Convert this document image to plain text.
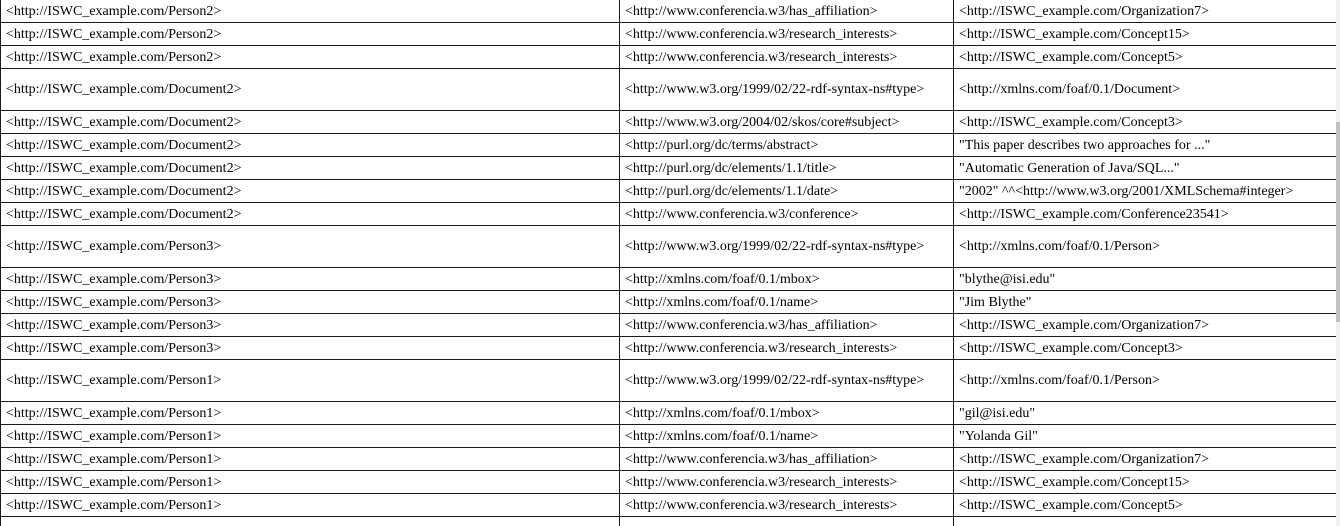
<http://ISWC_example.com/Person2>	<http://www.conferencia.w3/has_affiliation>	<http://ISWC_example.com/Organization7>
<http://ISWC_example.com/Person2>	<http://www.conferencia.w3/research_interests>	<http://ISWC_example.com/Concept15>
<http://ISWC_example.com/Person2>	<http://www.conferencia.w3/research_interests>	<http://ISWC_example.com/Concept5>
<http://ISWC_example.com/Document2>	<http://www.w3.org/1999/02/22-rdf-syntax-ns#type>	<http://xmlns.com/foaf/0.1/Document>
<http://ISWC_example.com/Document2>	<http://www.w3.org/2004/02/skos/core#subject>	<http://ISWC_example.com/Concept3>
<http://ISWC_example.com/Document2>	<http://purl.org/dc/terms/abstract>	"This paper describes two approaches for ..."
<http://ISWC_example.com/Document2>	<http://purl.org/dc/elements/1.1/title>	"Automatic Generation of Java/SQL..."
<http://ISWC_example.com/Document2>	<http://purl.org/dc/elements/1.1/date>	"2002" ^^<http://www.w3.org/2001/XMLSchema#integer>
<http://ISWC_example.com/Document2>	<http://www.conferencia.w3/conference>	<http://ISWC_example.com/Conference23541>
<http://ISWC_example.com/Person3>	<http://www.w3.org/1999/02/22-rdf-syntax-ns#type>	<http://xmlns.com/foaf/0.1/Person>
<http://ISWC_example.com/Person3>	<http://xmlns.com/foaf/0.1/mbox>	"blythe@isi.edu"
<http://ISWC_example.com/Person3>	<http://xmlns.com/foaf/0.1/name>	"Jim Blythe"
<http://ISWC_example.com/Person3>	<http://www.conferencia.w3/has_affiliation>	<http://ISWC_example.com/Organization7>
<http://ISWC_example.com/Person3>	<http://www.conferencia.w3/research_interests>	<http://ISWC_example.com/Concept3>
<http://ISWC_example.com/Person1>	<http://www.w3.org/1999/02/22-rdf-syntax-ns#type>	<http://xmlns.com/foaf/0.1/Person>
<http://ISWC_example.com/Person1>	<http://xmlns.com/foaf/0.1/mbox>	"gil@isi.edu"
<http://ISWC_example.com/Person1>	<http://xmlns.com/foaf/0.1/name>	"Yolanda Gil"
<http://ISWC_example.com/Person1>	<http://www.conferencia.w3/has_affiliation>	<http://ISWC_example.com/Organization7>
<http://ISWC_example.com/Person1>	<http://www.conferencia.w3/research_interests>	<http://ISWC_example.com/Concept15>
<http://ISWC_example.com/Person1>	<http://www.conferencia.w3/research_interests>	<http://ISWC_example.com/Concept5>
